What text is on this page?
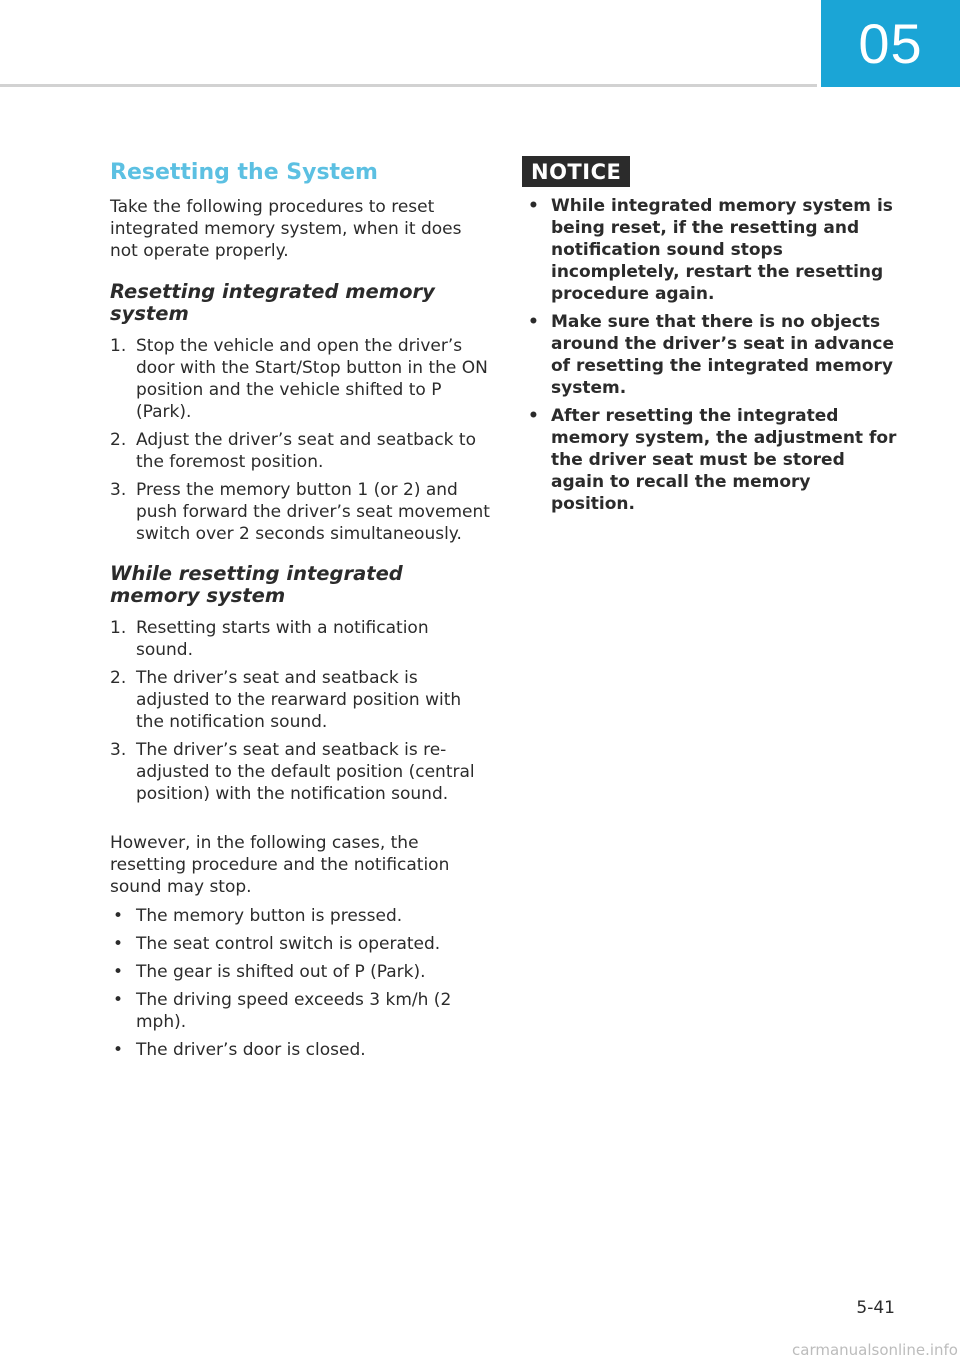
05
Resetting the System

Take the following procedures to reset integrated memory system, when it does not operate properly.

Resetting integrated memory system
1. Stop the vehicle and open the driver’s door with the Start/Stop button in the ON position and the vehicle shifted to P (Park).
2. Adjust the driver’s seat and seatback to the foremost position.
3. Press the memory button 1 (or 2) and push forward the driver’s seat movement switch over 2 seconds simultaneously.
While resetting integrated memory system
1. Resetting starts with a notification sound.
2. The driver’s seat and seatback is adjusted to the rearward position with the notification sound.
3. The driver’s seat and seatback is re-adjusted to the default position (central position) with the notification sound.

However, in the following cases, the resetting procedure and the notification sound may stop.

• The memory button is pressed.
• The seat control switch is operated.
• The gear is shifted out of P (Park).
• The driving speed exceeds 3 km/h (2 mph).
• The driver’s door is closed.
NOTICE
• While integrated memory system is being reset, if the resetting and notification sound stops incompletely, restart the resetting procedure again.
• Make sure that there is no objects around the driver’s seat in advance of resetting the integrated memory system.
• After resetting the integrated memory system, the adjustment for the driver seat must be stored again to recall the memory position.
5-41
carmanualsonline.info
